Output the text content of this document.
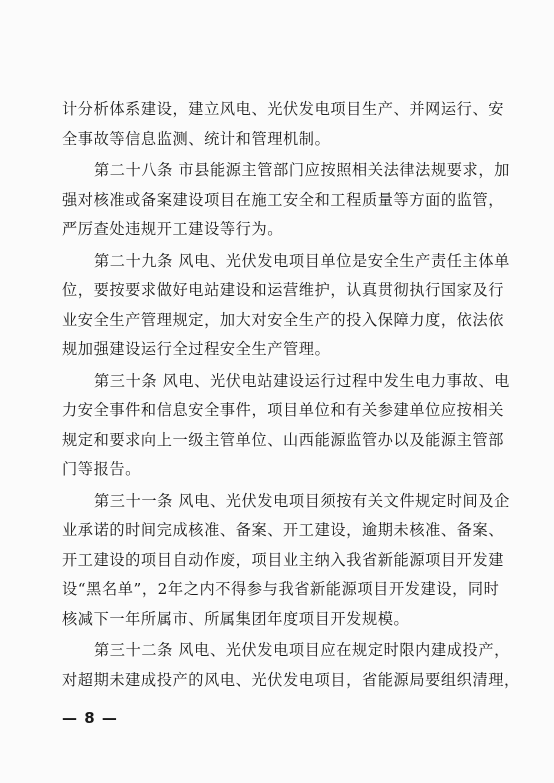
计分析体系建设，建立风电、光伏发电项目生产、并网运行、安
全事故等信息监测、统计和管理机制。
第二十八条 市县能源主管部门应按照相关法律法规要求，加
强对核准或备案建设项目在施工安全和工程质量等方面的监管，
严厉查处违规开工建设等行为。
第二十九条 风电、光伏发电项目单位是安全生产责任主体单
位，要按要求做好电站建设和运营维护，认真贯彻执行国家及行
业安全生产管理规定，加大对安全生产的投入保障力度，依法依
规加强建设运行全过程安全生产管理。
第三十条 风电、光伏电站建设运行过程中发生电力事故、电
力安全事件和信息安全事件，项目单位和有关参建单位应按相关
规定和要求向上一级主管单位、山西能源监管办以及能源主管部
门等报告。
第三十一条 风电、光伏发电项目须按有关文件规定时间及企
业承诺的时间完成核准、备案、开工建设，逾期未核准、备案、
开工建设的项目自动作废，项目业主纳入我省新能源项目开发建
设“黑名单”，2年之内不得参与我省新能源项目开发建设，同时
核减下一年所属市、所属集团年度项目开发规模。
第三十二条 风电、光伏发电项目应在规定时限内建成投产，
对超期未建成投产的风电、光伏发电项目，省能源局要组织清理，
— 8 —
